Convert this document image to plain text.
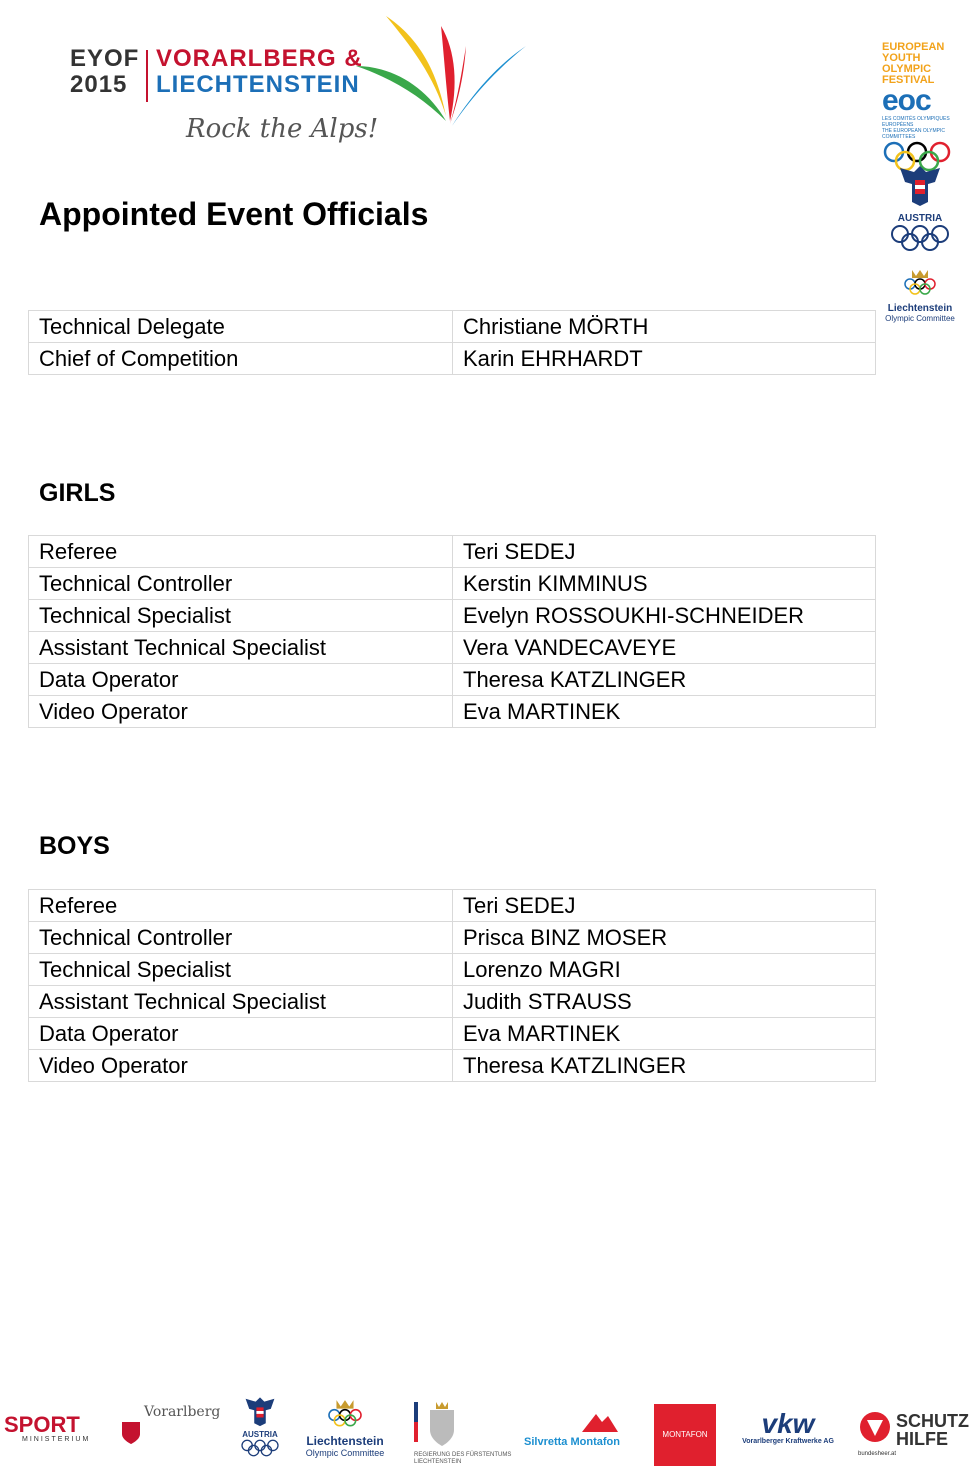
EYOF
2015
VORARLBERG &
LIECHTENSTEIN
Rock the Alps!
EUROPEAN
YOUTH
OLYMPIC
FESTIVAL
eoc
LES COMITÉS OLYMPIQUES EUROPÉENS
THE EUROPEAN OLYMPIC COMMITTEES
AUSTRIA
Liechtenstein
Olympic Committee
Appointed Event Officials
Technical Delegate	Christiane MÖRTH
Chief of Competition	Karin EHRHARDT
GIRLS
Referee	Teri SEDEJ
Technical Controller	Kerstin KIMMINUS
Technical Specialist	Evelyn ROSSOUKHI-SCHNEIDER
Assistant Technical Specialist	Vera VANDECAVEYE
Data Operator	Theresa KATZLINGER
Video Operator	Eva MARTINEK
BOYS
Referee	Teri SEDEJ
Technical Controller	Prisca BINZ MOSER
Technical Specialist	Lorenzo MAGRI
Assistant Technical Specialist	Judith STRAUSS
Data Operator	Eva MARTINEK
Video Operator	Theresa KATZLINGER
SPORT
MINISTERIUM
Vorarlberg
AUSTRIA	Liechtenstein
Olympic Committee	REGIERUNG DES FÜRSTENTUMS LIECHTENSTEIN
Silvretta Montafon
MONTAFON	vkw
Vorarlberger Kraftwerke AG
bundesheer.at
SCHUTZ
HILFE
